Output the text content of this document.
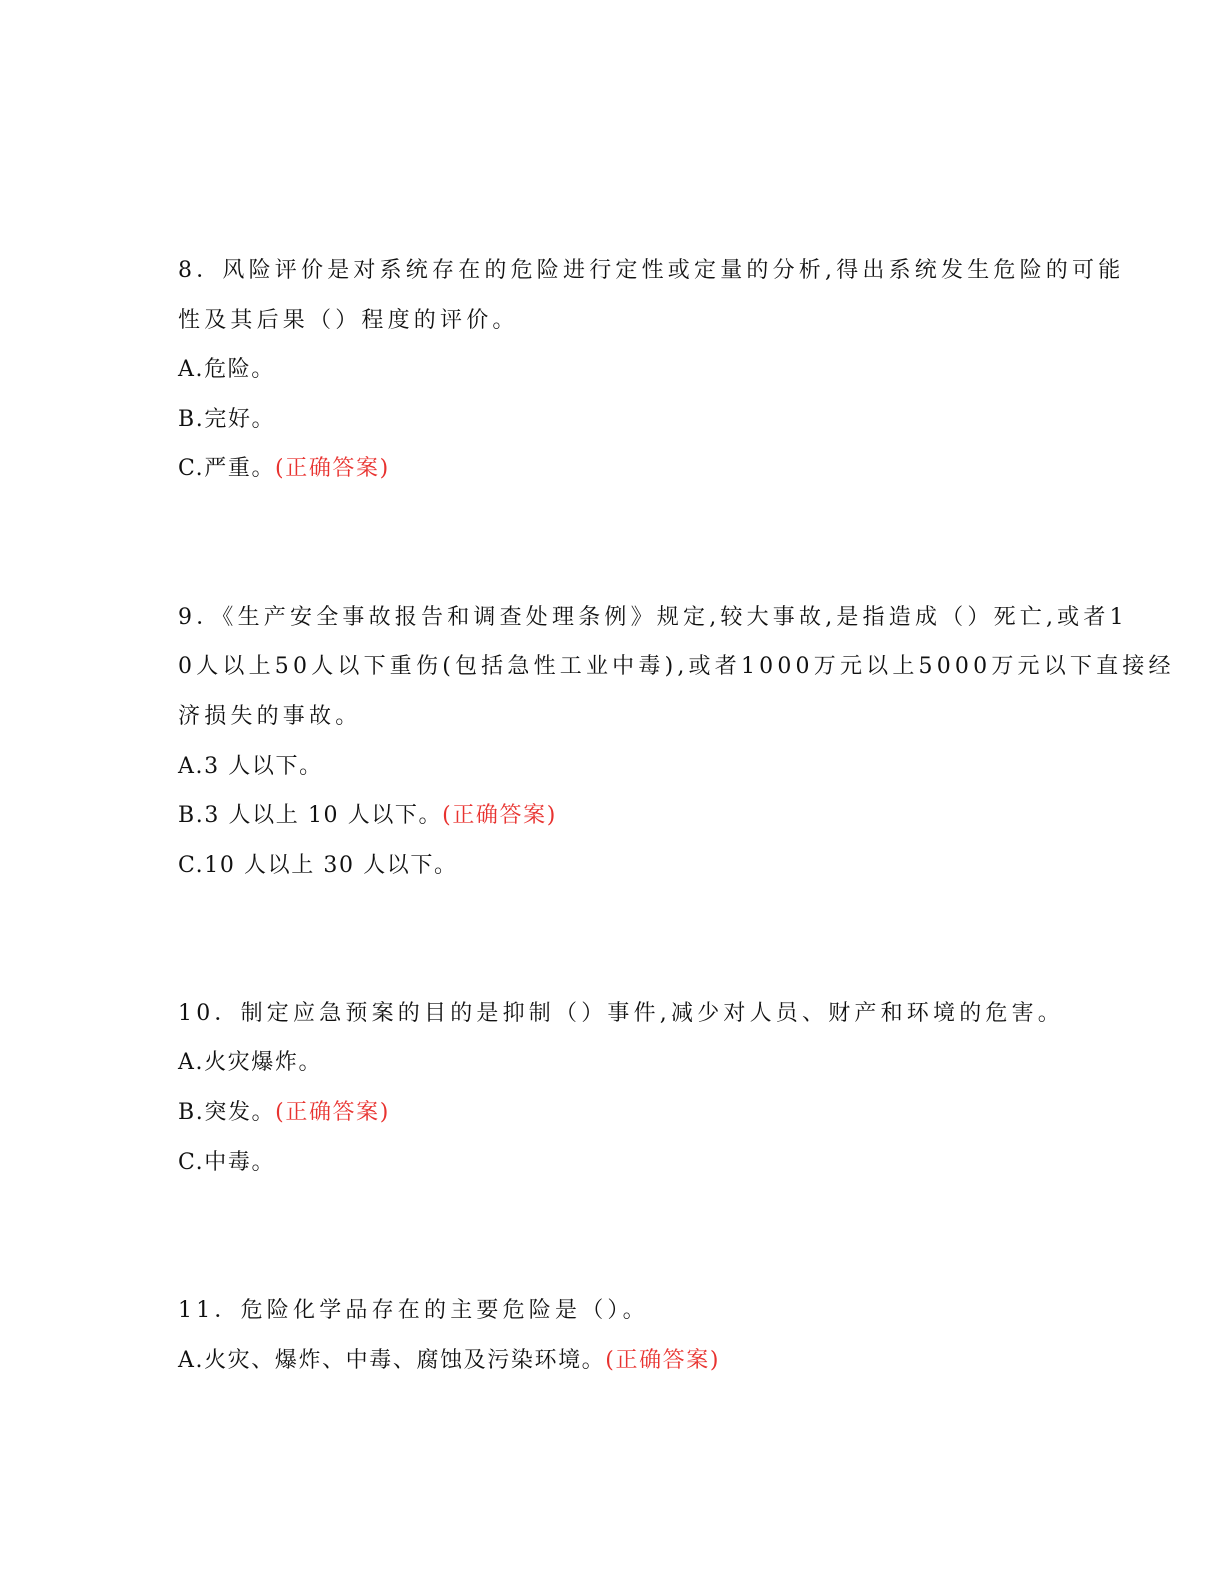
8．风险评价是对系统存在的危险进行定性或定量的分析,得出系统发生危险的可能
性及其后果（）程度的评价。
A.危险。
B.完好。
C.严重。(正确答案)
9．《生产安全事故报告和调查处理条例》规定,较大事故,是指造成（）死亡,或者1
0人以上50人以下重伤(包括急性工业中毒),或者1000万元以上5000万元以下直接经
济损失的事故。
A.3 人以下。
B.3 人以上 10 人以下。(正确答案)
C.10 人以上 30 人以下。
10．制定应急预案的目的是抑制（）事件,减少对人员、财产和环境的危害。
A.火灾爆炸。
B.突发。(正确答案)
C.中毒。
11．危险化学品存在的主要危险是（）。
A.火灾、爆炸、中毒、腐蚀及污染环境。(正确答案)
